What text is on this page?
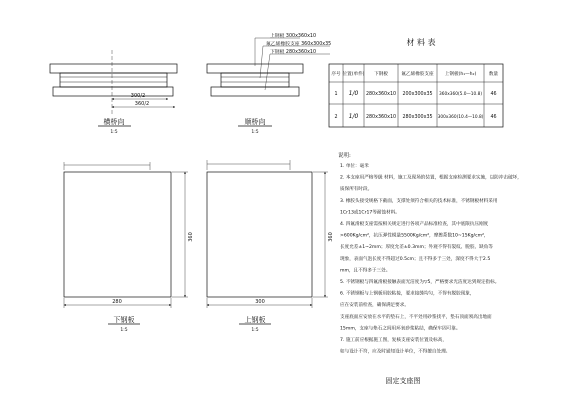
300/2
360/2
横桥向
1:5
上钢板 300x360x10
氟乙烯橡胶支座 360x300x35
下钢板 280x360x10
顺桥向
1:5
360
280
下钢板
1:5
360
300
上钢板
1:5
材 料 表
序号 位置(单件) 下钢板	氟乙烯橡胶支座 上钢板(h₁—h₂)	数量
1 1/0 280x360x10 200x300x35 360x360(5.0—10.8) 46
2 1/0 280x360x10 280x300x35 300x360(10.4—10.8) 46
说明:
1. 单位：毫米
2. 本支座用严格等级 材料，施工及现场的装置，根据支座检测要求实施，以防冲击破坏，
质保所有时段。
3. 橡胶头接受规格下截面，支撑处须符合相关的技术标准，不锈钢板材料采用
1Cr13或1Cr17等耐蚀材料。
4. 四氟滑板支座需按相关规定进行各项产品标准检查，其中底限抗压刚度
>600Kg/cm²，抗压弹性模量5500Kg/cm²，摩擦系数10~15Kg/cm²，
长度允差±1~2mm；厚度允差±0.3mm；外观不得有裂纹、脱胶、缺角等
现象，表面气泡长度不得超过0.5cm；且不得多于三处，深度不得大于2.5
mm，且不得多于三处。
5. 不锈钢板与四氟滑板接触表面光洁度为▽5，严格要求光洁度达到规定指标。
6. 不锈钢板与上钢板用胶粘接，要求接缝均匀，不得有脱胶现象，
应在安装前检查，确保满足要求。
支座底面应安放在水平的垫石上，不平处用砂浆找平，垫石顶面须高出地面
15mm，支座与垫石之间用环氧砂浆粘结，确保牢固可靠。
7. 施工前应根据施工图，复核支座安装位置及标高，
如与设计不符，应及时通知设计单位，不得擅自处理。
固定支座图
